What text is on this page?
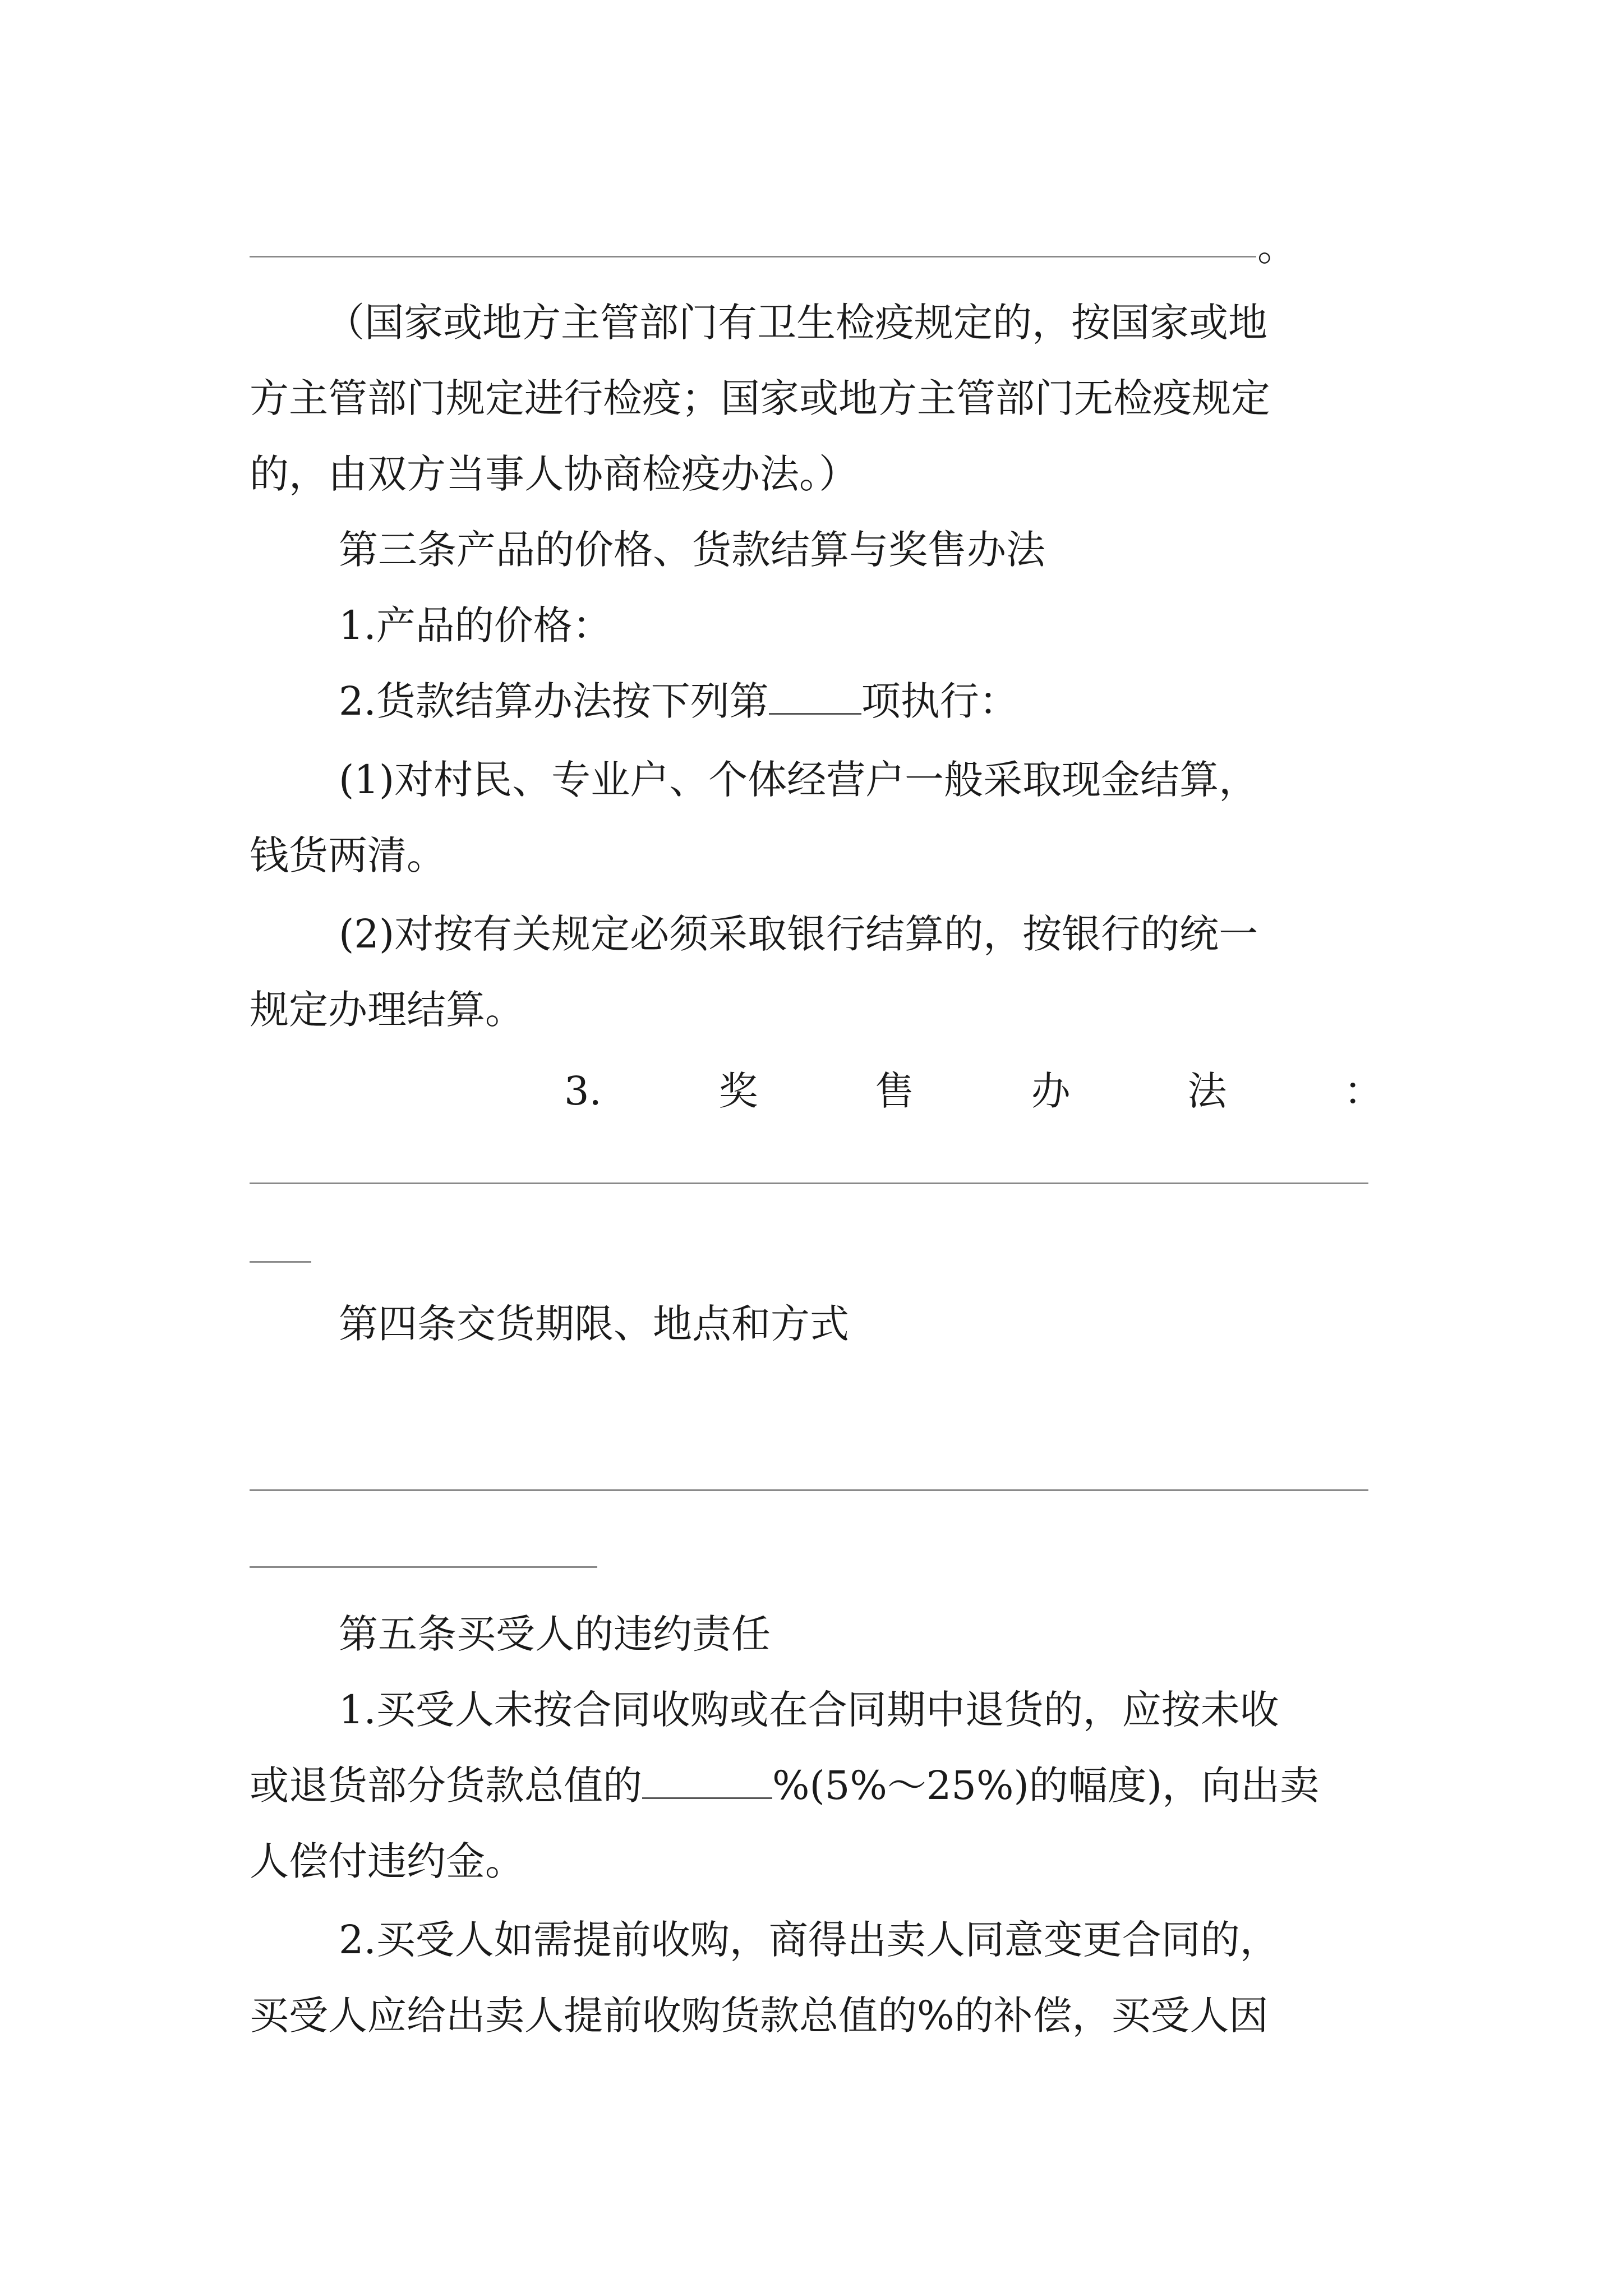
。
（国家或地方主管部门有卫生检疫规定的，按国家或地
方主管部门规定进行检疫；国家或地方主管部门无检疫规定
的，由双方当事人协商检疫办法。）
第三条产品的价格、货款结算与奖售办法
1.产品的价格：
2.货款结算办法按下列第 项执行：
(1)对村民、专业户、个体经营户一般采取现金结算，
钱货两清。
(2)对按有关规定必须采取银行结算的，按银行的统一
规定办理结算。
3.	奖	售	办	法	：
第四条交货期限、地点和方式
第五条买受人的违约责任
1.买受人未按合同收购或在合同期中退货的，应按未收
或退货部分货款总值的	%(5%～25%)的幅度)，向出卖
人偿付违约金。
2.买受人如需提前收购，商得出卖人同意变更合同的，
买受人应给出卖人提前收购货款总值的%的补偿，买受人因
